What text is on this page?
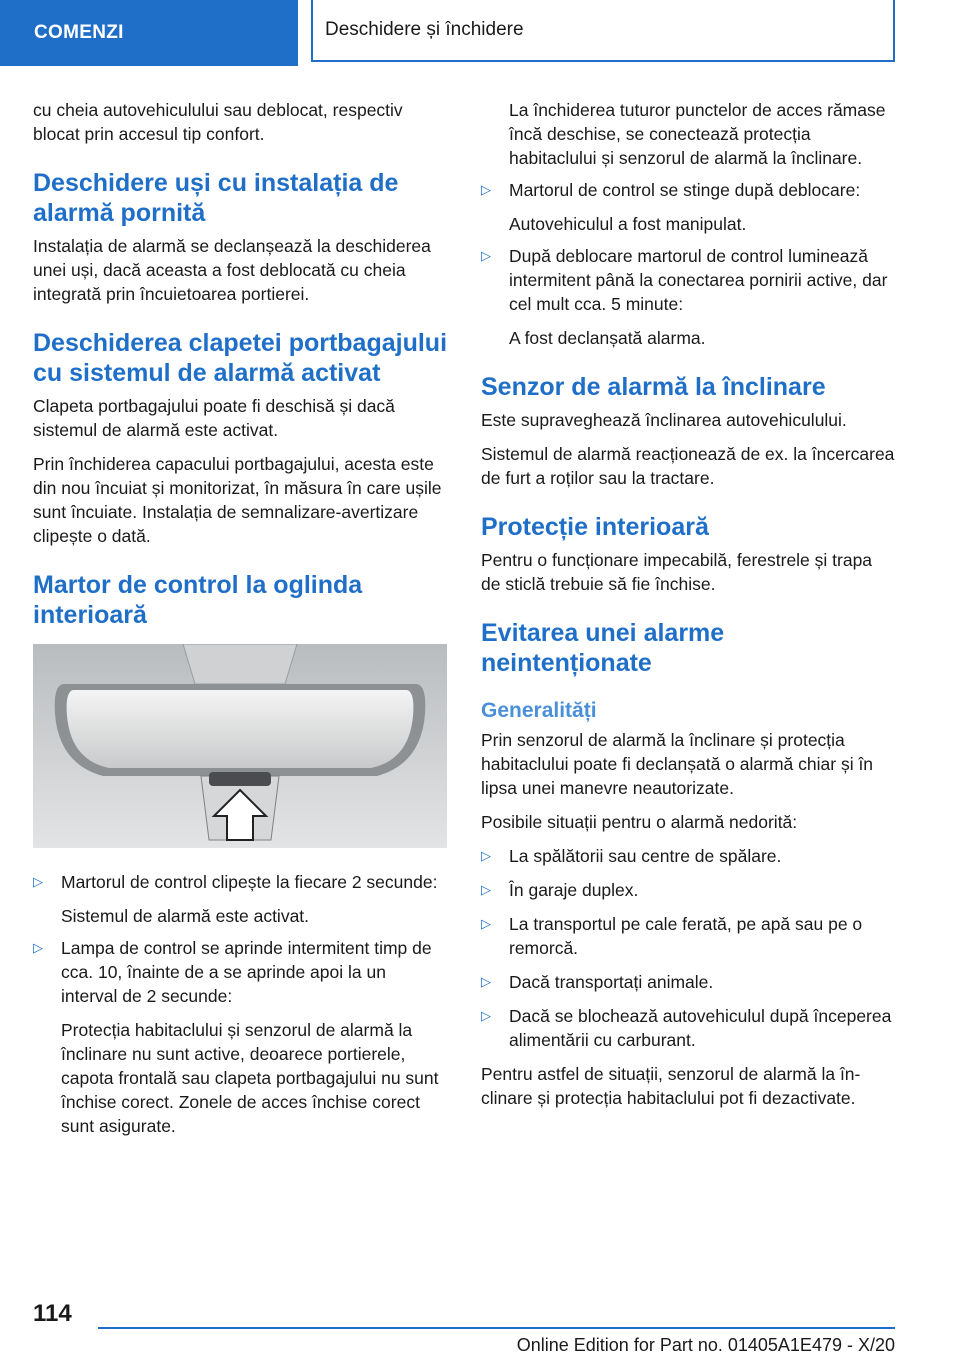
COMENZI	Deschidere și închidere

cu cheia autovehiculului sau deblocat, respectiv blocat prin accesul tip confort.

Deschidere uși cu instalația de alarmă pornită

Instalația de alarmă se declanșează la deschiderea unei uși, dacă aceasta a fost deblocată cu cheia integrată prin încuietoarea portierei.

Deschiderea clapetei portbagajului cu sistemul de alarmă activat

Clapeta portbagajului poate fi deschisă și dacă sistemul de alarmă este activat.

Prin închiderea capacului portbagajului, acesta este din nou încuiat și monitorizat, în măsura în care ușile sunt încuiate. Instalația de semnalizare-avertizare clipește o dată.

Martor de control la oglinda interioară
▷ Martorul de control clipește la fiecare 2 secunde:

Sistemul de alarmă este activat.

▷ Lampa de control se aprinde intermitent timp de cca. 10, înainte de a se aprinde apoi la un interval de 2 secunde:

Protecția habitaclului și senzorul de alarmă la înclinare nu sunt active, deoarece portierele, capota frontală sau clapeta portbagajului nu sunt închise corect. Zonele de acces închise corect sunt asigurate.

La închiderea tuturor punctelor de acces rămase încă deschise, se conectează protecția habitaclului și senzorul de alarmă la înclinare.

▷ Martorul de control se stinge după deblocare:

Autovehiculul a fost manipulat.

▷ După deblocare martorul de control luminează intermitent până la conectarea pornirii active, dar cel mult cca. 5 minute:

A fost declanșată alarma.

Senzor de alarmă la înclinare

Este supraveghează înclinarea autovehiculului.

Sistemul de alarmă reacționează de ex. la încercarea de furt a roților sau la tractare.

Protecție interioară

Pentru o funcționare impecabilă, ferestrele și trapa de sticlă trebuie să fie închise.

Evitarea unei alarme neintenționate
Generalități

Prin senzorul de alarmă la înclinare și protecția habitaclului poate fi declanșată o alarmă chiar și în lipsa unei manevre neautorizate.

Posibile situații pentru o alarmă nedorită:

▷ La spălătorii sau centre de spălare.
▷ În garaje duplex.
▷ La transportul pe cale ferată, pe apă sau pe o remorcă.
▷ Dacă transportați animale.
▷ Dacă se blochează autovehiculul după începerea alimentării cu carburant.

Pentru astfel de situații, senzorul de alarmă la înclinare și protecția habitaclului pot fi dezactivate.

114
Online Edition for Part no. 01405A1E479 - X/20
